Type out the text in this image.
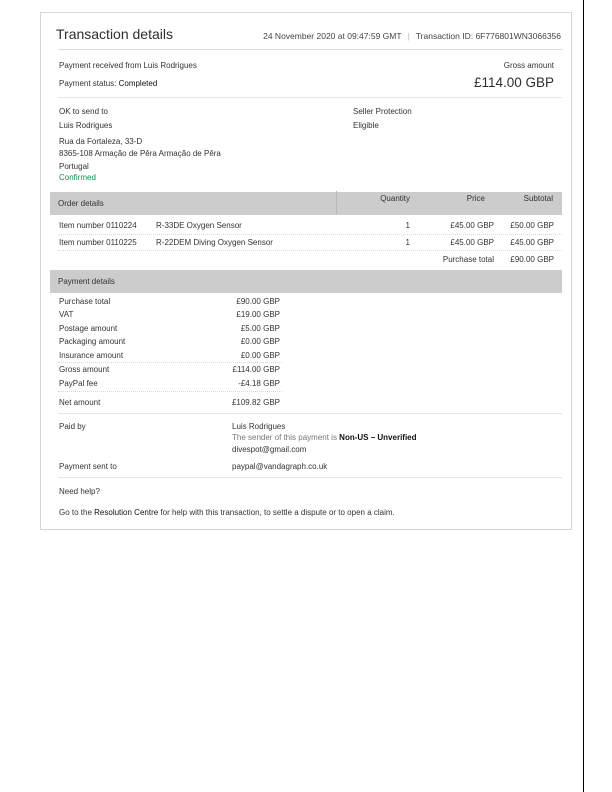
Transaction details	24 November 2020 at 09:47:59 GMT | Transaction ID: 6F776801WN3066356
Payment received from Luis Rodrigues
Payment status: Completed
Gross amount
£114.00 GBP
OK to send to
Luis Rodrigues
Rua da Fortaleza, 33-D
8365-108 Armação de Pêra Armação de Pêra
Portugal
Confirmed
Seller Protection
Eligible
Order details
Quantity	Price	Subtotal
Item number 0110224 R-33DE Oxygen Sensor	1	£45.00 GBP £50.00 GBP
Item number 0110225 R-22DEM Diving Oxygen Sensor	1	£45.00 GBP £45.00 GBP
Purchase total £90.00 GBP
Payment details
Purchase total	£90.00 GBP
VAT	£19.00 GBP
Postage amount	£5.00 GBP
Packaging amount	£0.00 GBP
Insurance amount	£0.00 GBP
Gross amount	£114.00 GBP
PayPal fee	-£4.18 GBP
Net amount	£109.82 GBP
Paid by	Luis Rodrigues
The sender of this payment is Non-US – Unverified
divespot@gmail.com
Payment sent to	paypal@vandagraph.co.uk
Need help?
Go to the Resolution Centre for help with this transaction, to settle a dispute or to open a claim.
